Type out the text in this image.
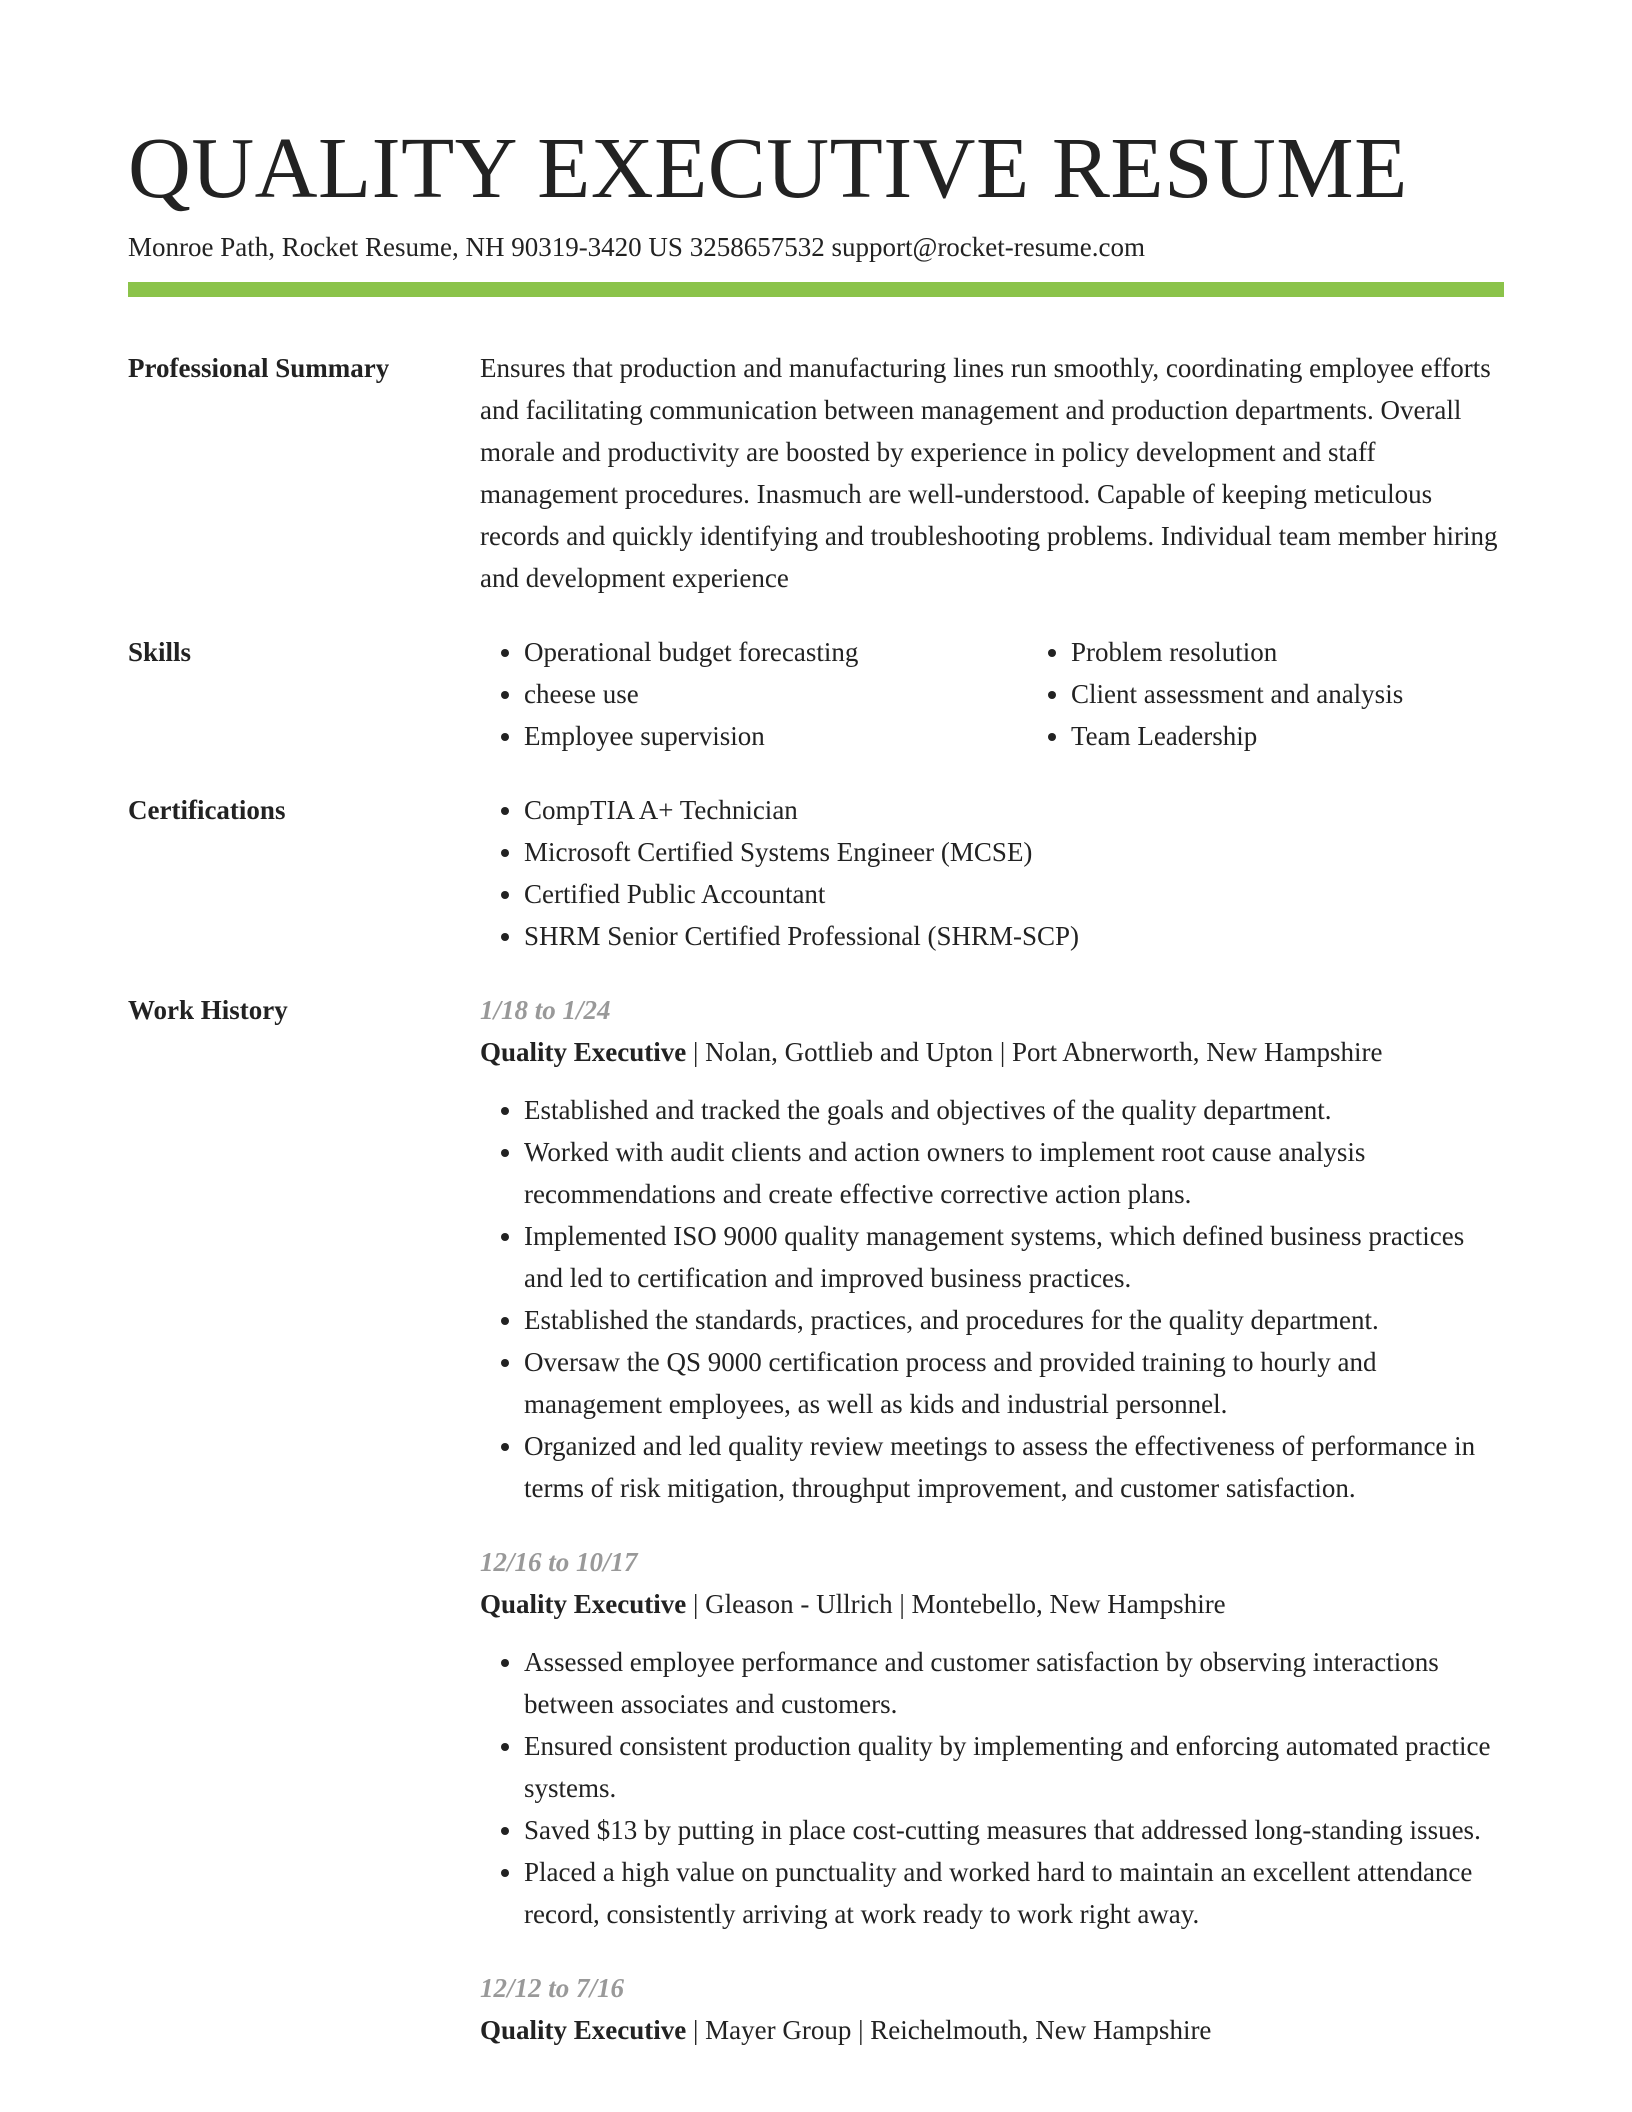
QUALITY EXECUTIVE RESUME
Monroe Path, Rocket Resume, NH 90319-3420 US 3258657532 support@rocket-resume.com
Professional Summary	Ensures that production and manufacturing lines run smoothly, coordinating employee efforts and facilitating communication between management and production departments. Overall morale and productivity are boosted by experience in policy development and staff management procedures. Inasmuch are well-understood. Capable of keeping meticulous records and quickly identifying and troubleshooting problems. Individual team member hiring and development experience
Skills	• Operational budget forecasting
• cheese use
• Employee supervision
• Problem resolution
• Client assessment and analysis
• Team Leadership
Certifications	• CompTIA A+ Technician
• Microsoft Certified Systems Engineer (MCSE)
• Certified Public Accountant
• SHRM Senior Certified Professional (SHRM-SCP)
Work History	1/18 to 1/24
Quality Executive | Nolan, Gottlieb and Upton | Port Abnerworth, New Hampshire
• Established and tracked the goals and objectives of the quality department.
• Worked with audit clients and action owners to implement root cause analysis recommendations and create effective corrective action plans.
• Implemented ISO 9000 quality management systems, which defined business practices and led to certification and improved business practices.
• Established the standards, practices, and procedures for the quality department.
• Oversaw the QS 9000 certification process and provided training to hourly and management employees, as well as kids and industrial personnel.
• Organized and led quality review meetings to assess the effectiveness of performance in terms of risk mitigation, throughput improvement, and customer satisfaction.
12/16 to 10/17
Quality Executive | Gleason - Ullrich | Montebello, New Hampshire
• Assessed employee performance and customer satisfaction by observing interactions between associates and customers.
• Ensured consistent production quality by implementing and enforcing automated practice systems.
• Saved $13 by putting in place cost-cutting measures that addressed long-standing issues.
• Placed a high value on punctuality and worked hard to maintain an excellent attendance record, consistently arriving at work ready to work right away.
12/12 to 7/16
Quality Executive | Mayer Group | Reichelmouth, New Hampshire
